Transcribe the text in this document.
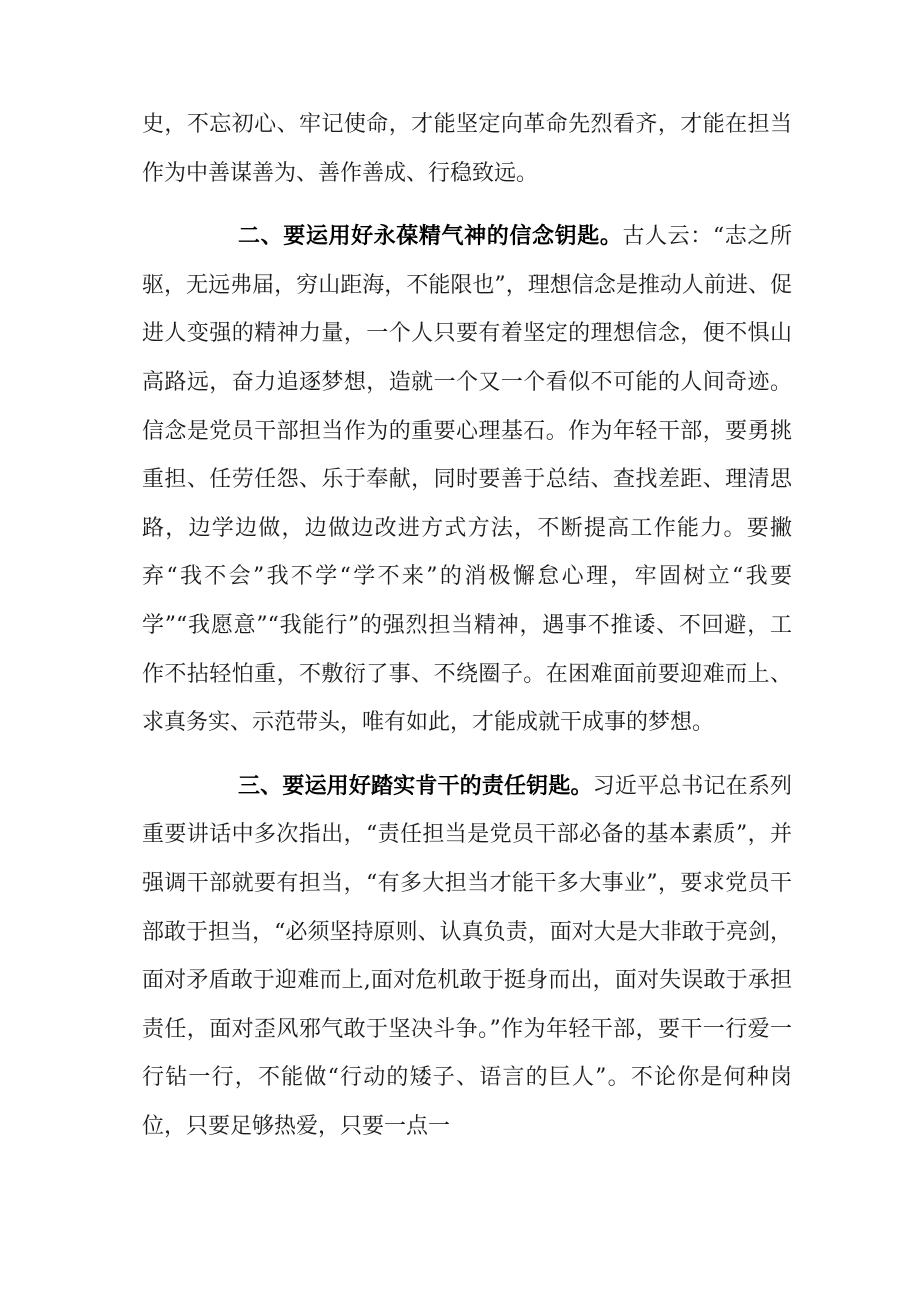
史，不忘初心、牢记使命，才能坚定向革命先烈看齐，才能在担当作为中善谋善为、善作善成、行稳致远。

二、要运用好永葆精气神的信念钥匙。古人云：“志之所驱，无远弗届，穷山距海，不能限也”，理想信念是推动人前进、促进人变强的精神力量，一个人只要有着坚定的理想信念，便不惧山高路远，奋力追逐梦想，造就一个又一个看似不可能的人间奇迹。信念是党员干部担当作为的重要心理基石。作为年轻干部，要勇挑重担、任劳任怨、乐于奉献，同时要善于总结、查找差距、理清思路，边学边做，边做边改进方式方法，不断提高工作能力。要撇弃“我不会”我不学“学不来”的消极懈怠心理，牢固树立“我要学”“我愿意”“我能行”的强烈担当精神，遇事不推诿、不回避，工作不拈轻怕重，不敷衍了事、不绕圈子。在困难面前要迎难而上、求真务实、示范带头，唯有如此，才能成就干成事的梦想。

三、要运用好踏实肯干的责任钥匙。习近平总书记在系列重要讲话中多次指出，“责任担当是党员干部必备的基本素质”，并强调干部就要有担当，“有多大担当才能干多大事业”，要求党员干部敢于担当，“必须坚持原则、认真负责，面对大是大非敢于亮剑，面对矛盾敢于迎难而上,面对危机敢于挺身而出，面对失误敢于承担责任，面对歪风邪气敢于坚决斗争。”作为年轻干部，要干一行爱一行钻一行，不能做“行动的矮子、语言的巨人”。不论你是何种岗位，只要足够热爱，只要一点一
